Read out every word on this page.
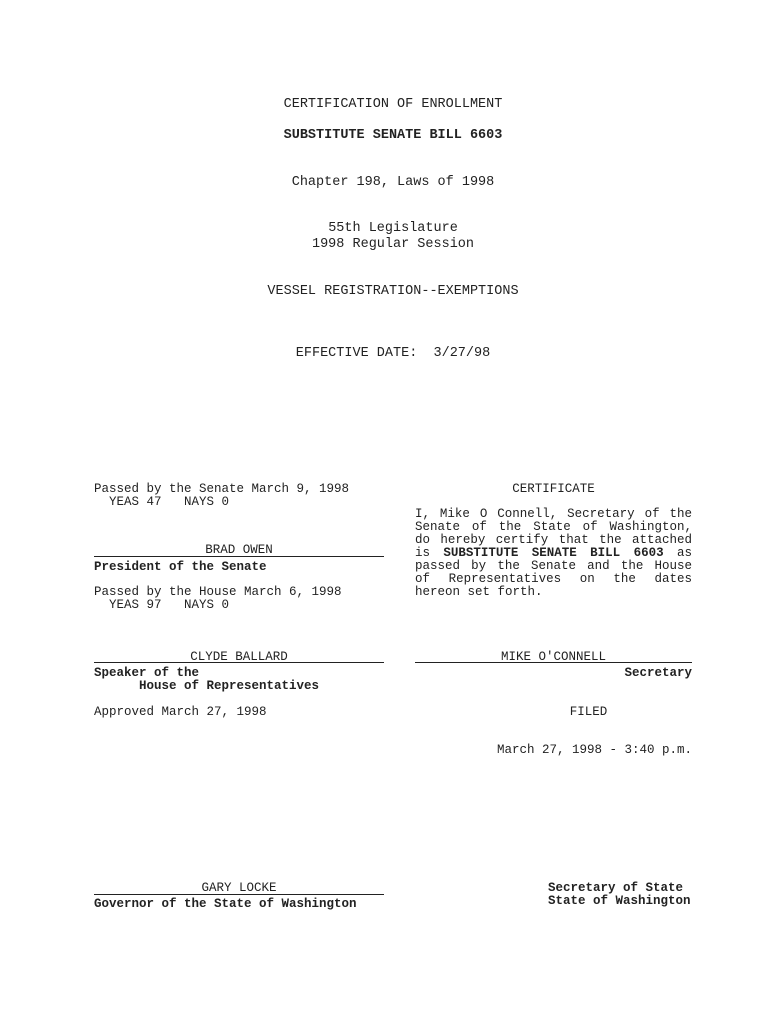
CERTIFICATION OF ENROLLMENT
SUBSTITUTE SENATE BILL 6603
Chapter 198, Laws of 1998
55th Legislature
1998 Regular Session
VESSEL REGISTRATION--EXEMPTIONS
EFFECTIVE DATE:  3/27/98
Passed by the Senate March 9, 1998
YEAS 47   NAYS 0
BRAD OWEN
President of the Senate
Passed by the House March 6, 1998
YEAS 97   NAYS 0
CLYDE BALLARD
Speaker of the
House of Representatives
Approved March 27, 1998
GARY LOCKE
Governor of the State of Washington
CERTIFICATE
I, Mike O Connell, Secretary of the Senate of the State of Washington, do hereby certify that the attached is SUBSTITUTE SENATE BILL 6603 as passed by the Senate and the House of Representatives on the dates hereon set forth.
MIKE O'CONNELL
Secretary
FILED
March 27, 1998 - 3:40 p.m.
Secretary of State
State of Washington
